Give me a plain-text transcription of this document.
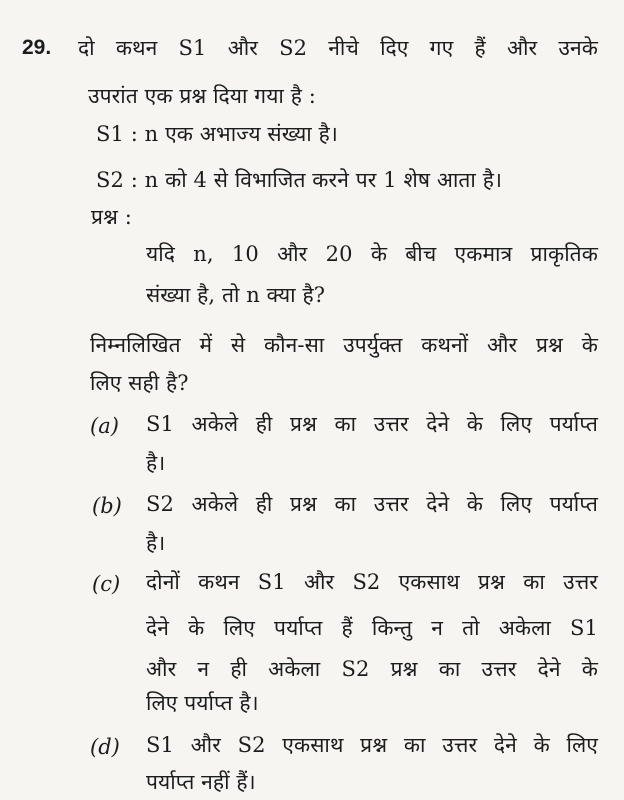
29. दो कथन S1 और S2 नीचे दिए गए हैं और उनके
उपरांत एक प्रश्न दिया गया है :
S1 : n एक अभाज्य संख्या है।
S2 : n को 4 से विभाजित करने पर 1 शेष आता है।
प्रश्न :
यदि n, 10 और 20 के बीच एकमात्र प्राकृतिक
संख्या है, तो n क्या है?
निम्नलिखित में से कौन-सा उपर्युक्त कथनों और प्रश्न के
लिए सही है?
(a) S1 अकेले ही प्रश्न का उत्तर देने के लिए पर्याप्त
है।
(b) S2 अकेले ही प्रश्न का उत्तर देने के लिए पर्याप्त
है।
(c) दोनों कथन S1 और S2 एकसाथ प्रश्न का उत्तर
देने के लिए पर्याप्त हैं किन्तु न तो अकेला S1
और न ही अकेला S2 प्रश्न का उत्तर देने के
लिए पर्याप्त है।
(d) S1 और S2 एकसाथ प्रश्न का उत्तर देने के लिए
पर्याप्त नहीं हैं।
